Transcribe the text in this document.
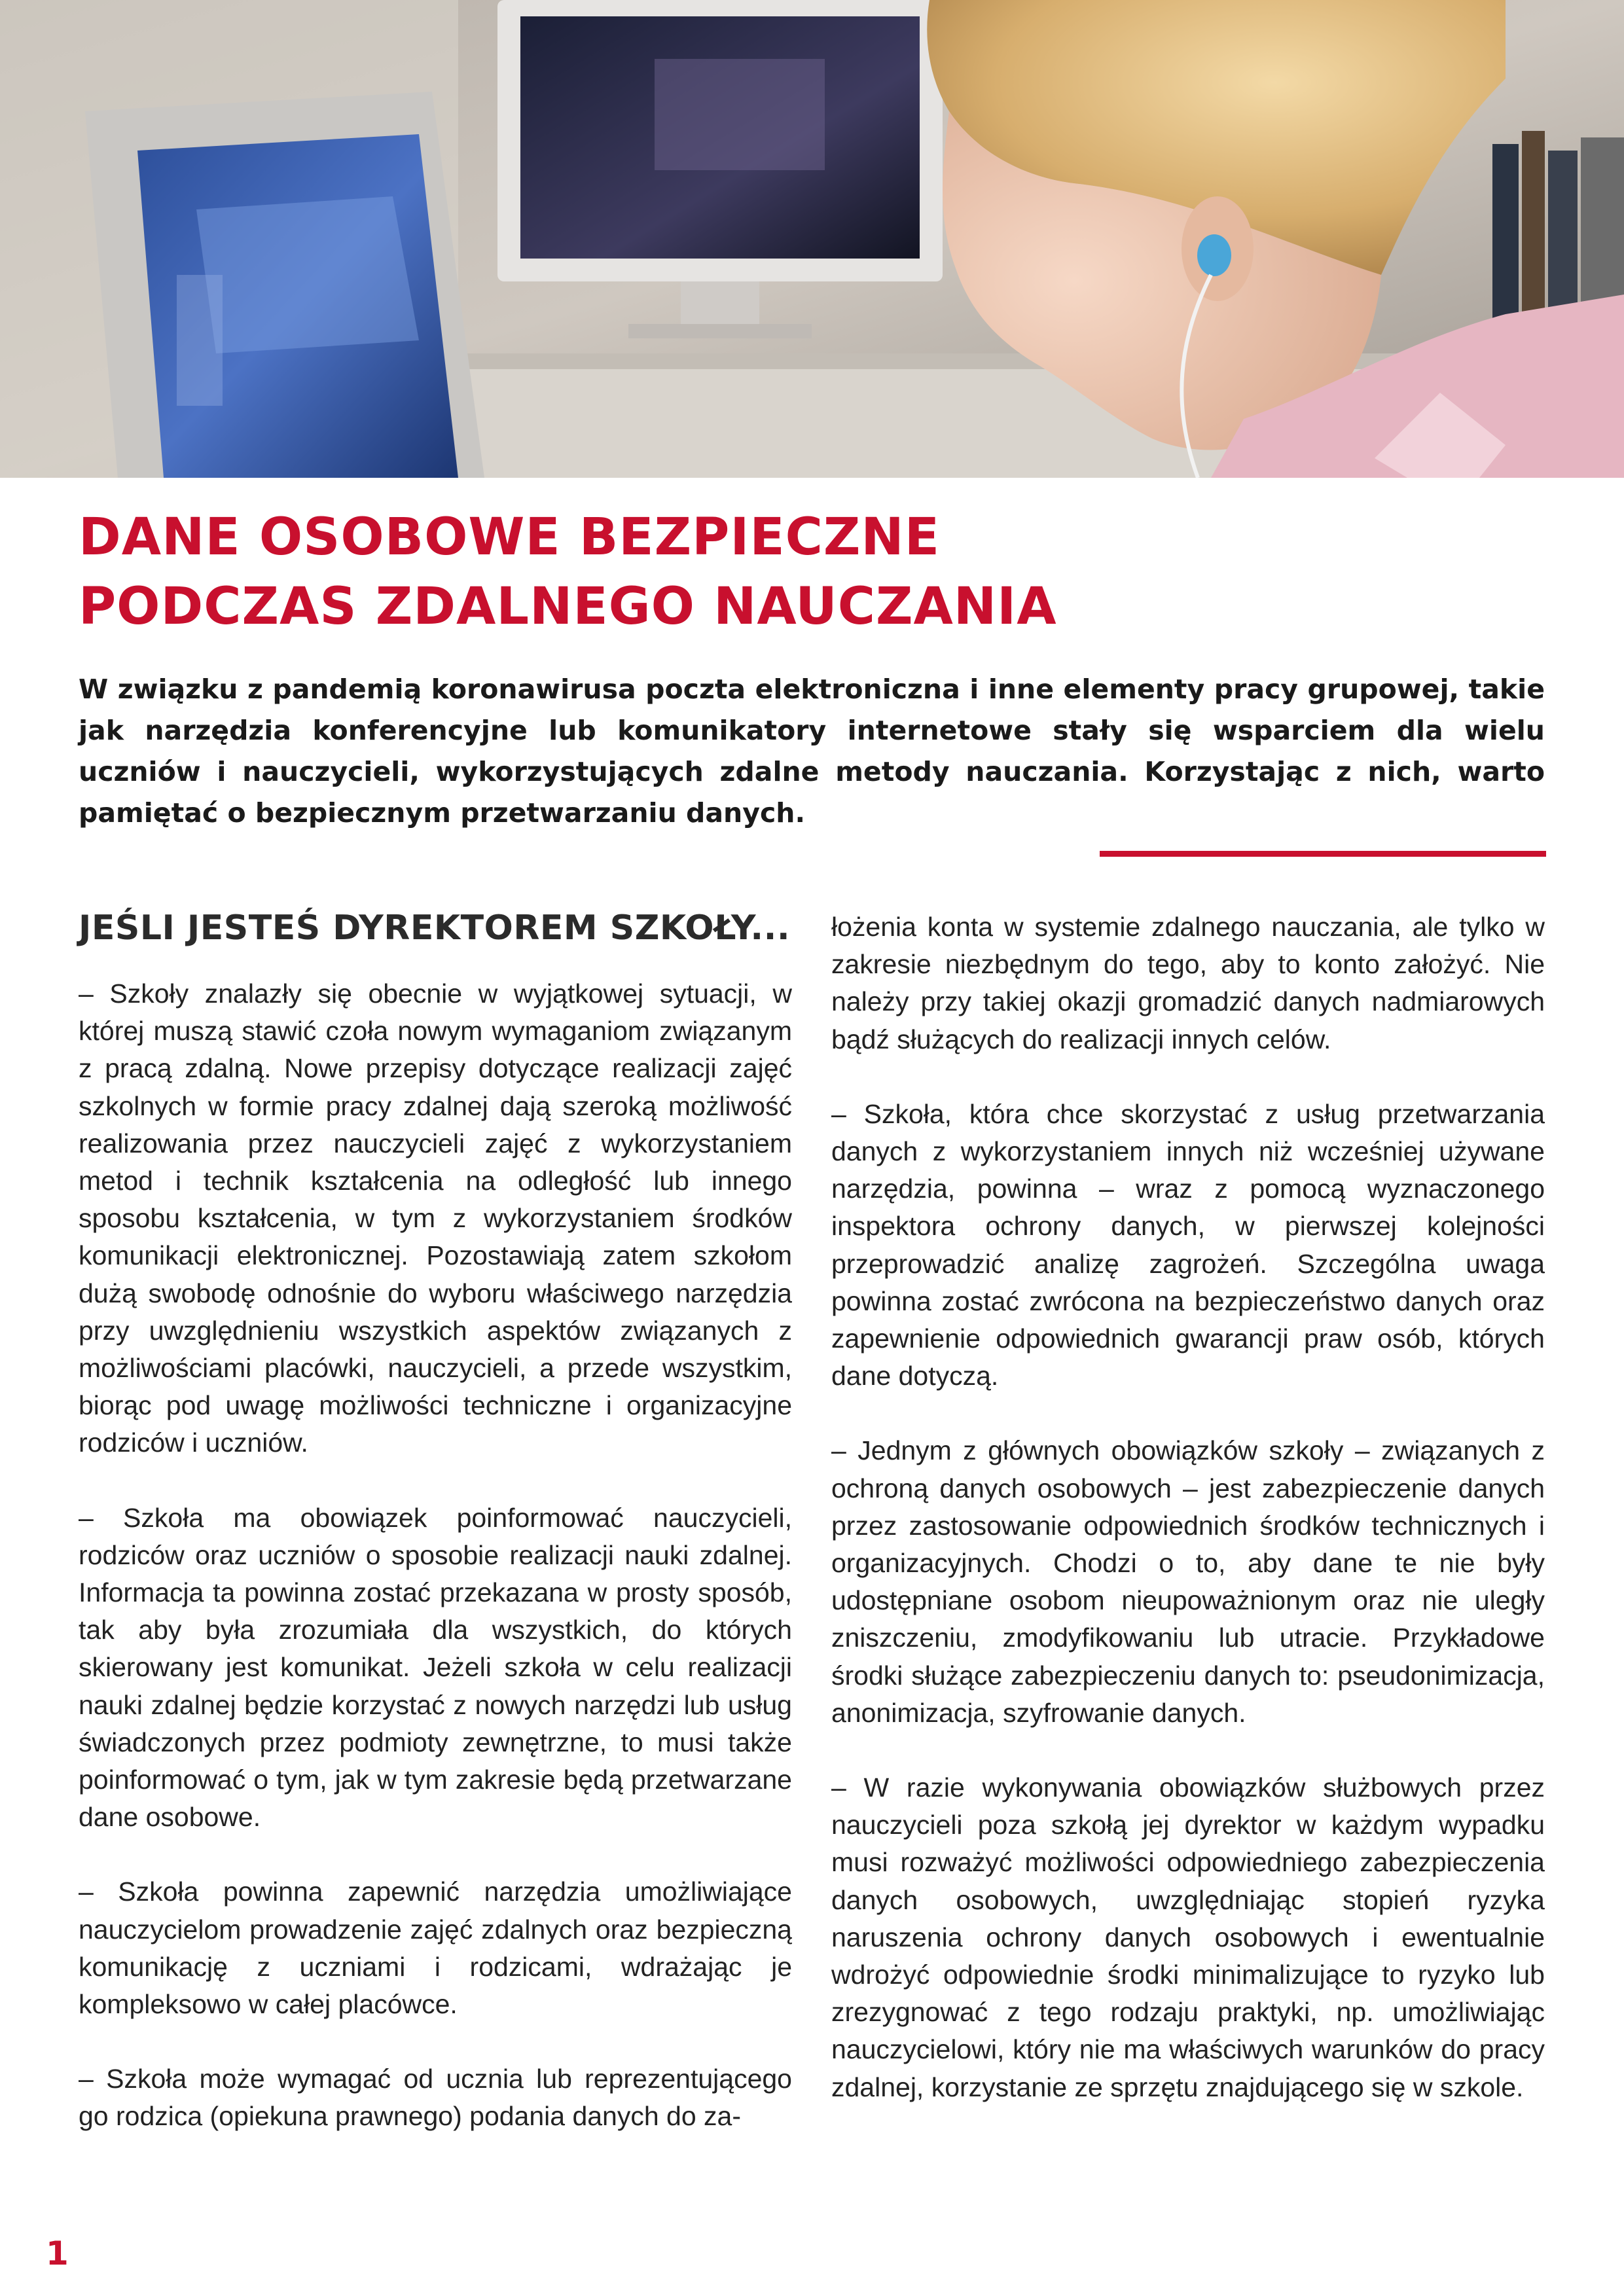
DANE OSOBOWE BEZPIECZNE
PODCZAS ZDALNEGO NAUCZANIA
W związku z pandemią koronawirusa poczta elektroniczna i inne elementy pracy grupowej, takie jak narzędzia konferencyjne lub komunikatory internetowe stały się wsparciem dla wielu uczniów i nauczycieli, wykorzystujących zdalne metody nauczania. Korzystając z nich, warto pamiętać o bezpiecznym przetwarzaniu danych.
JEŚLI JESTEŚ DYREKTOREM SZKOŁY...

– Szkoły znalazły się obecnie w wyjątkowej sytuacji, w której muszą stawić czoła nowym wymaganiom związanym z pracą zdalną. Nowe przepisy dotyczące realizacji zajęć szkolnych w formie pracy zdalnej dają szeroką możliwość realizowania przez nauczycieli zajęć z wykorzystaniem metod i technik kształcenia na odległość lub innego sposobu kształcenia, w tym z wykorzystaniem środków komunikacji elektronicznej. Pozostawiają zatem szkołom dużą swobodę odnośnie do wyboru właściwego narzędzia przy uwzględnieniu wszystkich aspektów związanych z możliwościami placówki, nauczycieli, a przede wszystkim, biorąc pod uwagę możliwości techniczne i organizacyjne rodziców i uczniów.

– Szkoła ma obowiązek poinformować nauczycieli, rodziców oraz uczniów o sposobie realizacji nauki zdalnej. Informacja ta powinna zostać przekazana w prosty sposób, tak aby była zrozumiała dla wszystkich, do których skierowany jest komunikat. Jeżeli szkoła w celu realizacji nauki zdalnej będzie korzystać z nowych narzędzi lub usług świadczonych przez podmioty zewnętrzne, to musi także poinformować o tym, jak w tym zakresie będą przetwarzane dane osobowe.

– Szkoła powinna zapewnić narzędzia umożliwiające nauczycielom prowadzenie zajęć zdalnych oraz bezpieczną komunikację z uczniami i rodzicami, wdrażając je kompleksowo w całej placówce.

– Szkoła może wymagać od ucznia lub reprezentującego go rodzica (opiekuna prawnego) podania danych do za-

łożenia konta w systemie zdalnego nauczania, ale tylko w zakresie niezbędnym do tego, aby to konto założyć. Nie należy przy takiej okazji gromadzić danych nadmiarowych bądź służących do realizacji innych celów.

– Szkoła, która chce skorzystać z usług przetwarzania danych z wykorzystaniem innych niż wcześniej używane narzędzia, powinna – wraz z pomocą wyznaczonego inspektora ochrony danych, w pierwszej kolejności przeprowadzić analizę zagrożeń. Szczególna uwaga powinna zostać zwrócona na bezpieczeństwo danych oraz zapewnienie odpowiednich gwarancji praw osób, których dane dotyczą.

– Jednym z głównych obowiązków szkoły – związanych z ochroną danych osobowych – jest zabezpieczenie danych przez zastosowanie odpowiednich środków technicznych i organizacyjnych. Chodzi o to, aby dane te nie były udostępniane osobom nieupoważnionym oraz nie uległy zniszczeniu, zmodyfikowaniu lub utracie. Przykładowe środki służące zabezpieczeniu danych to: pseudonimizacja, anonimizacja, szyfrowanie danych.

– W razie wykonywania obowiązków służbowych przez nauczycieli poza szkołą jej dyrektor w każdym wypadku musi rozważyć możliwości odpowiedniego zabezpieczenia danych osobowych, uwzględniając stopień ryzyka naruszenia ochrony danych osobowych i ewentualnie wdrożyć odpowiednie środki minimalizujące to ryzyko lub zrezygnować z tego rodzaju praktyki, np. umożliwiając nauczycielowi, który nie ma właściwych warunków do pracy zdalnej, korzystanie ze sprzętu znajdującego się w szkole.

1
